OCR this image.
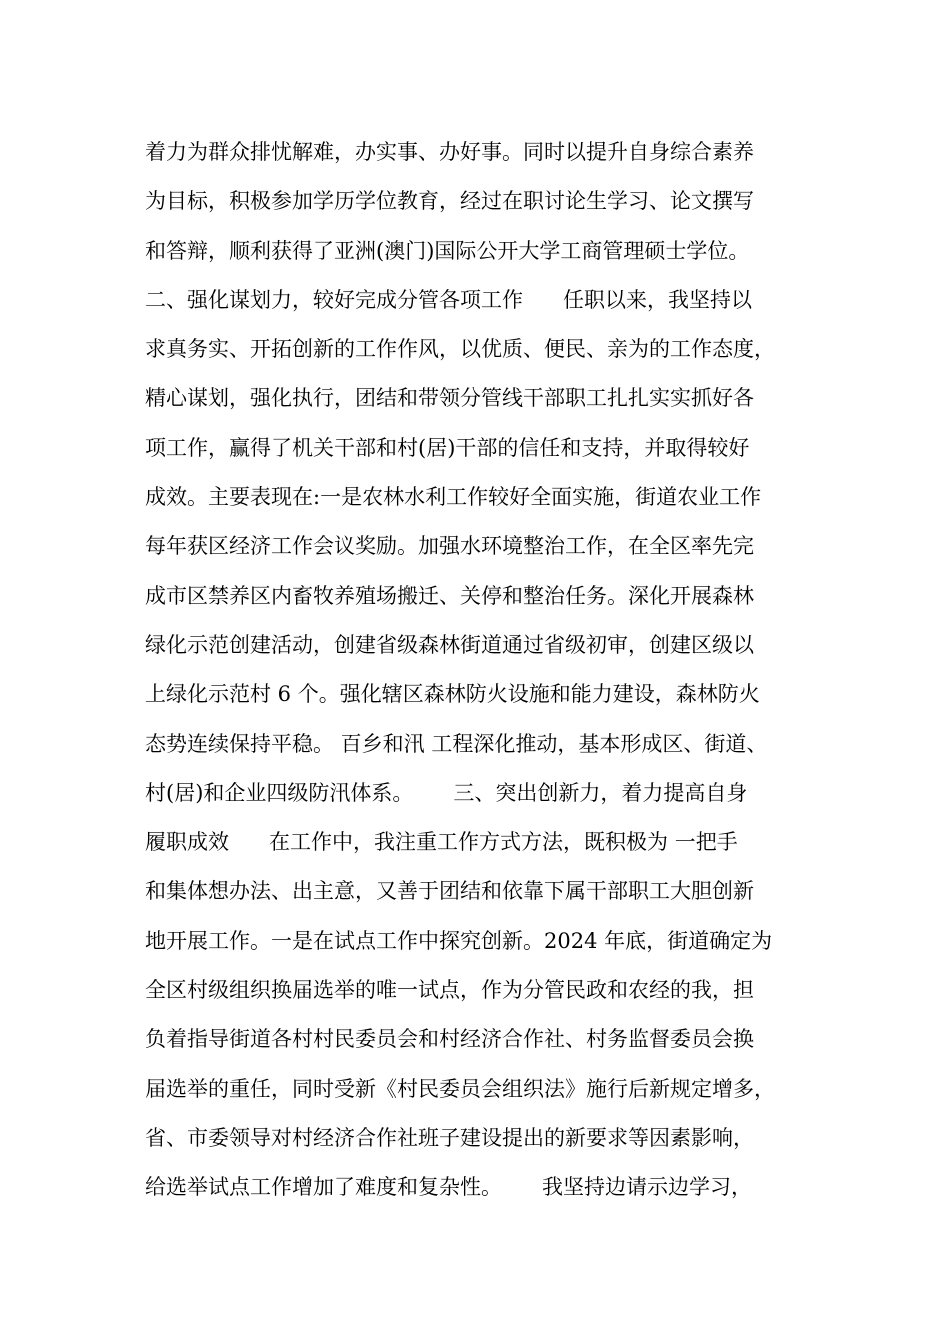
着力为群众排忧解难，办实事、办好事。同时以提升自身综合素养
为目标，积极参加学历学位教育，经过在职讨论生学习、论文撰写
和答辩，顺利获得了亚洲(澳门)国际公开大学工商管理硕士学位。
二、强化谋划力，较好完成分管各项工作      任职以来，我坚持以
求真务实、开拓创新的工作作风，以优质、便民、亲为的工作态度，
精心谋划，强化执行，团结和带领分管线干部职工扎扎实实抓好各
项工作，赢得了机关干部和村(居)干部的信任和支持，并取得较好
成效。主要表现在:一是农林水利工作较好全面实施，街道农业工作
每年获区经济工作会议奖励。加强水环境整治工作，在全区率先完
成市区禁养区内畜牧养殖场搬迁、关停和整治任务。深化开展森林
绿化示范创建活动，创建省级森林街道通过省级初审，创建区级以
上绿化示范村 6 个。强化辖区森林防火设施和能力建设，森林防火
态势连续保持平稳。 百乡和汛 工程深化推动，基本形成区、街道、
村(居)和企业四级防汛体系。      三、突出创新力，着力提高自身
履职成效      在工作中，我注重工作方式方法，既积极为 一把手
和集体想办法、出主意，又善于团结和依靠下属干部职工大胆创新
地开展工作。一是在试点工作中探究创新。2024 年底，街道确定为
全区村级组织换届选举的唯一试点，作为分管民政和农经的我，担
负着指导街道各村村民委员会和村经济合作社、村务监督委员会换
届选举的重任，同时受新《村民委员会组织法》施行后新规定增多，
省、市委领导对村经济合作社班子建设提出的新要求等因素影响，
给选举试点工作增加了难度和复杂性。      我坚持边请示边学习，
